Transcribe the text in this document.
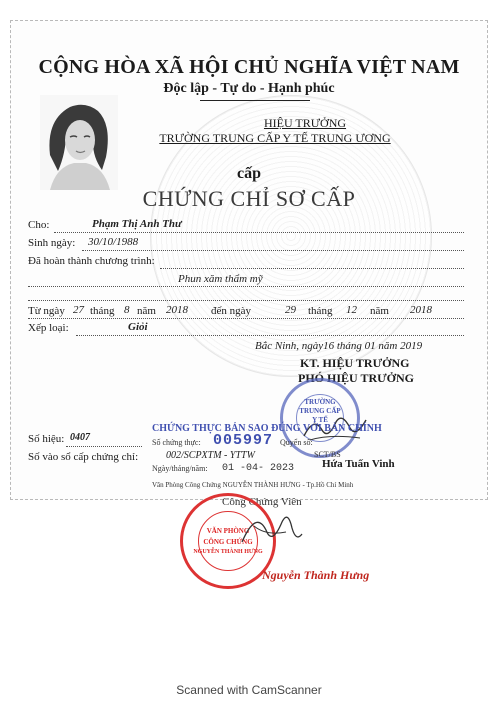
CỘNG HÒA XÃ HỘI CHỦ NGHĨA VIỆT NAM
Độc lập - Tự do - Hạnh phúc
HIỆU TRƯỞNG
TRƯỜNG TRUNG CẤP Y TẾ TRUNG ƯƠNG
cấp
CHỨNG CHỈ SƠ CẤP
Cho:	Phạm Thị Anh Thư
Sinh ngày: 30/10/1988
Đã hoàn thành chương trình:
Phun xăm thẩm mỹ
Từ ngày 27 tháng 8 năm 2018 đến ngày	29 tháng 12 năm 2018
Xếp loại:	Giỏi
Bắc Ninh, ngày16 tháng 01 năm 2019
KT. HIỆU TRƯỞNG
PHÓ HIỆU TRƯỞNG
TRƯỜNG
TRUNG CẤP
Y TẾ
Hứa Tuấn Vinh
Số hiệu: 0407
Số vào sổ cấp chứng chỉ:	002/SCPXTM - YTTW
CHỨNG THỰC BẢN SAO ĐÚNG VỚI BẢN CHÍNH
Số chứng thực: 005997 Quyển số:
SCT/BS
Ngày/tháng/năm: 01 -04- 2023
Văn Phòng Công Chứng NGUYỄN THÀNH HƯNG - Tp.Hồ Chí Minh
Công Chứng Viên
VĂN PHÒNG
CÔNG CHỨNG
NGUYỄN THÀNH HƯNG
Nguyễn Thành Hưng
Scanned with CamScanner
